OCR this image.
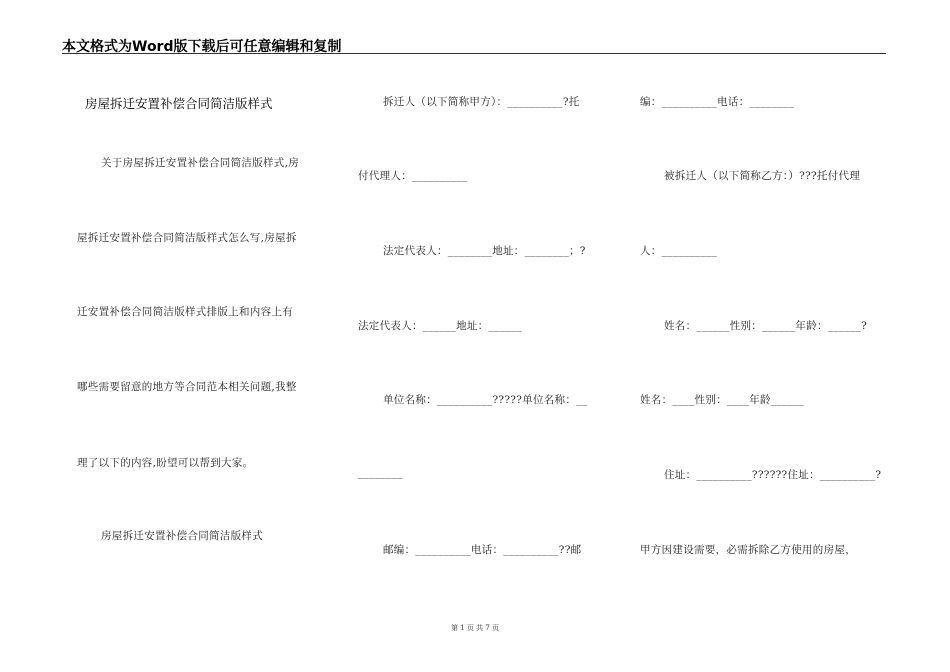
本文格式为Word版下载后可任意编辑和复制
房屋拆迁安置补偿合同简洁版样式
关于房屋拆迁安置补偿合同简洁版样式,房
屋拆迁安置补偿合同简洁版样式怎么写,房屋拆
迁安置补偿合同简洁版样式排版上和内容上有
哪些需要留意的地方等合同范本相关问题,我整
理了以下的内容,盼望可以帮到大家。
房屋拆迁安置补偿合同简洁版样式
拆迁人（以下简称甲方）：__________?托
付代理人：__________
法定代表人：________地址：________；?
法定代表人：______地址：______
单位名称：__________?????单位名称：__
________
邮编：__________电话：__________??邮
编：__________电话：________
被拆迁人（以下简称乙方：）???托付代理
人：__________
姓名：______性别：______年龄：______?
姓名：____性别：____年龄______
住址：__________??????住址：__________?
甲方因建设需要，必需拆除乙方使用的房屋，
第 1 页 共 7 页
